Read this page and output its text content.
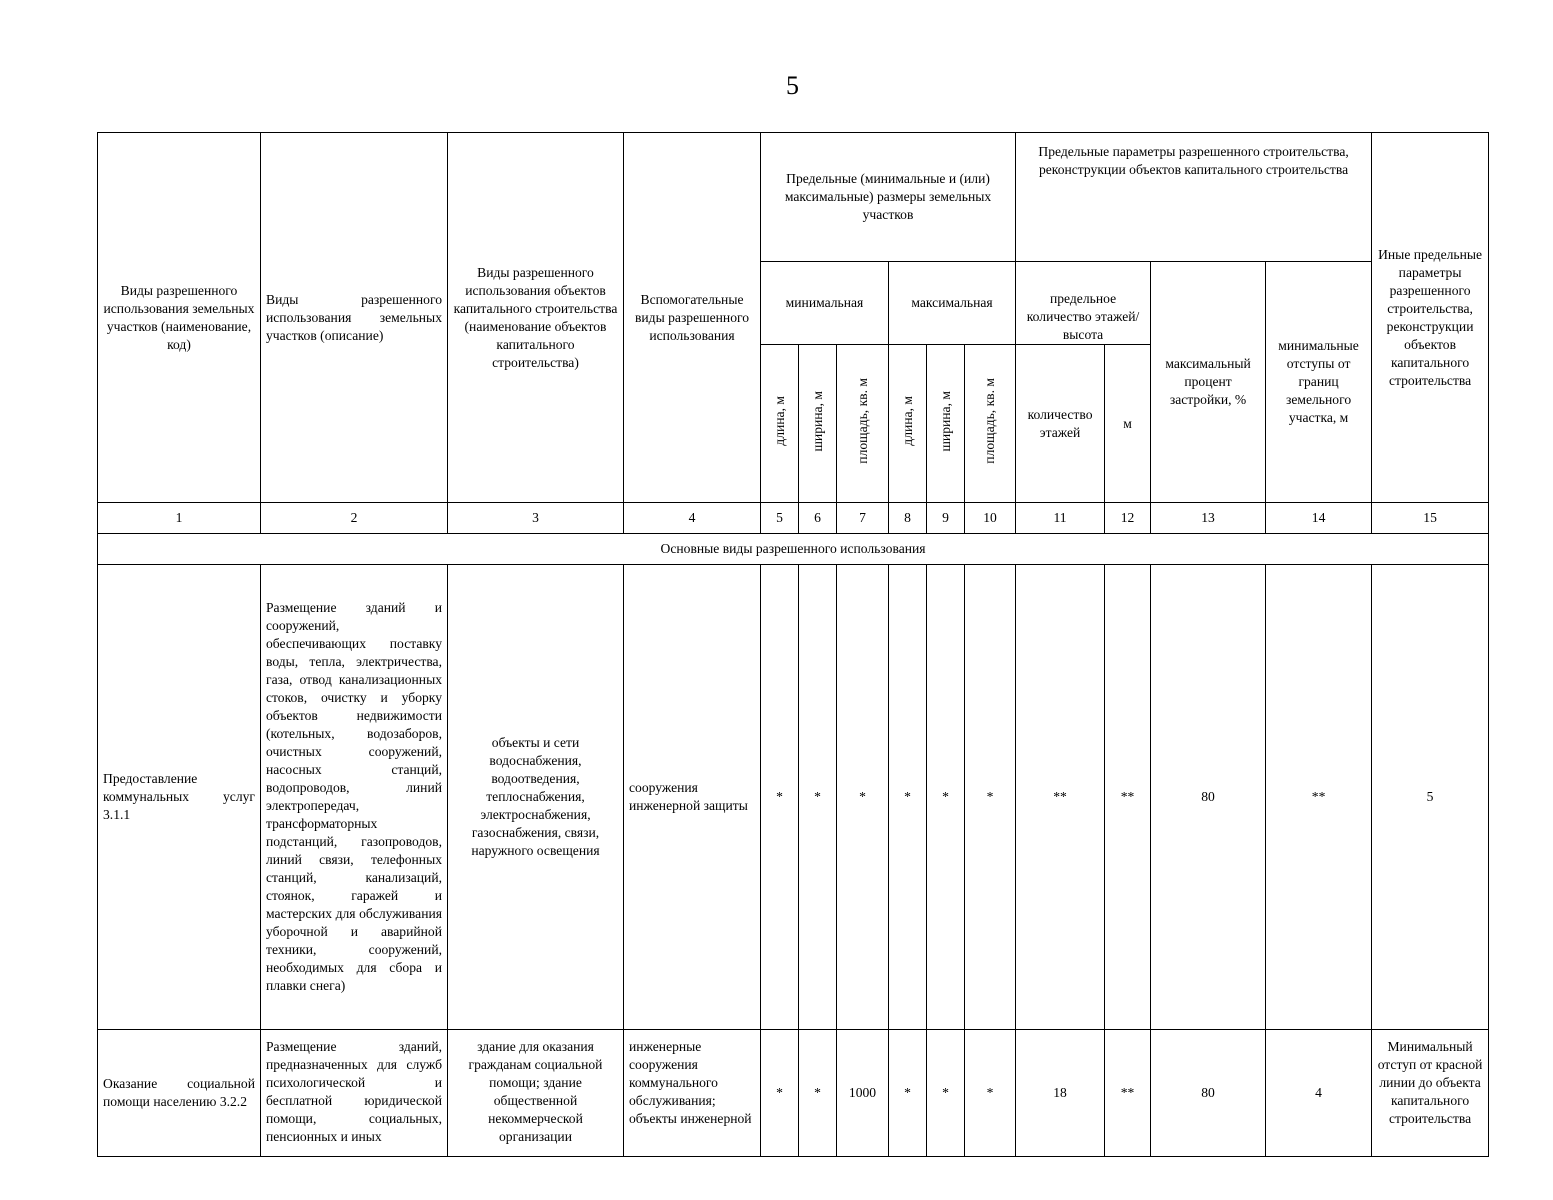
5
Виды разрешенного использования земельных участков (наименование, код)	Виды разрешенного использования земельных участков (описание)	Виды разрешенного использования объектов капитального строительства (наименование объектов капитального строительства)	Вспомогательные виды разрешенного использования	Предельные (минимальные и (или) максимальные) размеры земельных участков						Предельные параметры разрешенного строительства, реконструкции объектов капитального строительства				Иные предельные параметры разрешенного строительства, реконструкции объектов капитального строительства
				минимальная			максимальная			предельное количество этажей/высота		максимальный процент застройки, %	минимальные отступы от границ земельного участка, м	
				длина, м	ширина, м	площадь, кв. м	длина, м	ширина, м	площадь, кв. м	количество этажей	м			
1	2	3	4	5	6	7	8	9	10	11	12	13	14	15
Основные виды разрешенного использования														
Предоставление коммунальных услуг 3.1.1	Размещение зданий и сооружений, обеспечивающих поставку воды, тепла, электричества, газа, отвод канализационных стоков, очистку и уборку объектов недвижимости (котельных, водозаборов, очистных сооружений, насосных станций, водопроводов, линий электропередач, трансформаторных подстанций, газопроводов, линий связи, телефонных станций, канализаций, стоянок, гаражей и мастерских для обслуживания уборочной и аварийной техники, сооружений, необходимых для сбора и плавки снега)	объекты и сети водоснабжения, водоотведения, теплоснабжения, электроснабжения, газоснабжения, связи, наружного освещения	сооружения инженерной защиты	*	*	*	*	*	*	**	**	80	**	5
Оказание социальной помощи населению 3.2.2	Размещение зданий, предназначенных для служб психологической и бесплатной юридической помощи, социальных, пенсионных и иных	здание для оказания гражданам социальной помощи; здание общественной некоммерческой организации	инженерные сооружения коммунального обслуживания; объекты инженерной	*	*	1000	*	*	*	18	**	80	4	Минимальный отступ от красной линии до объекта капитального строительства
